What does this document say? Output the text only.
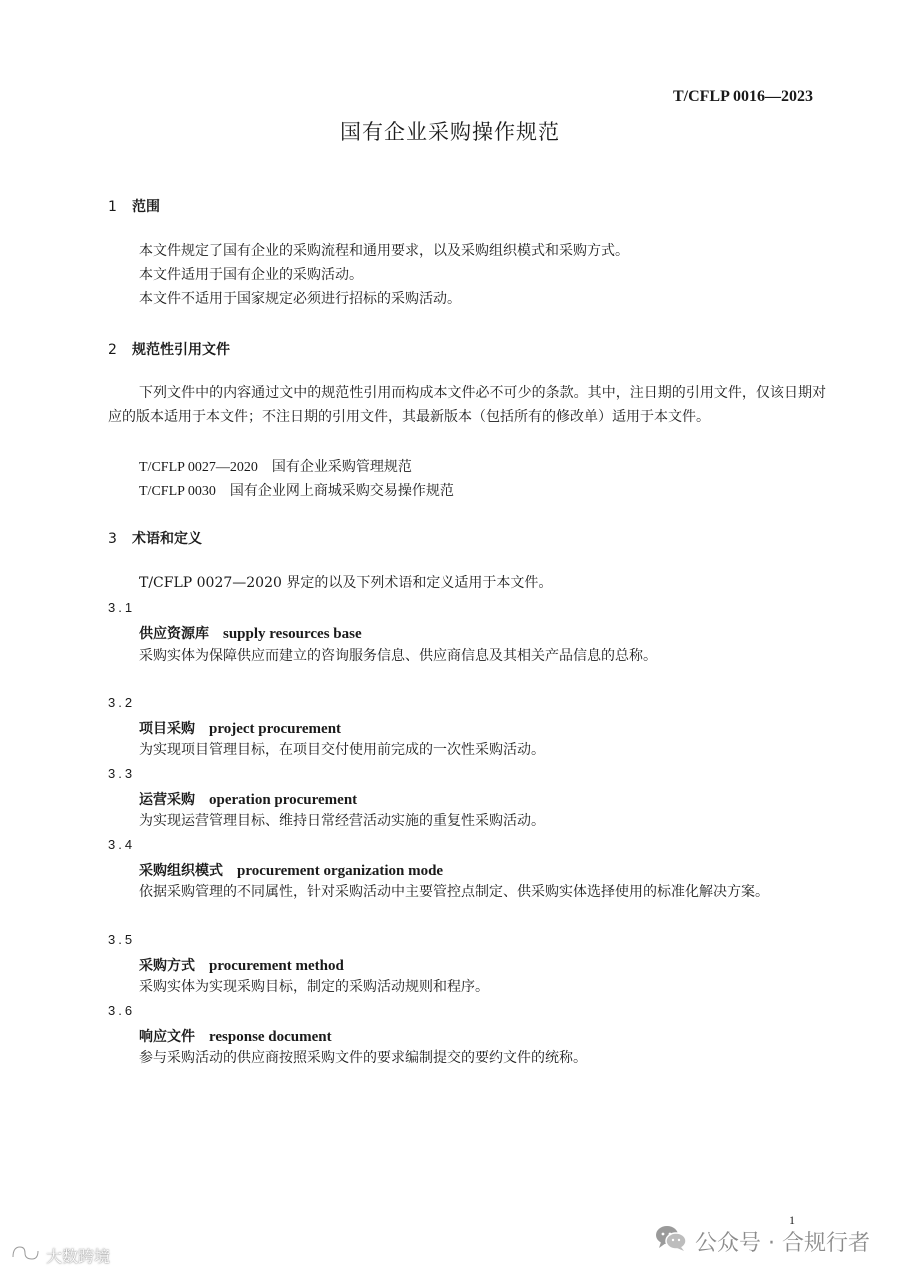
T/CFLP 0016—2023
国有企业采购操作规范
1 范围
本文件规定了国有企业的采购流程和通用要求，以及采购组织模式和采购方式。
本文件适用于国有企业的采购活动。
本文件不适用于国家规定必须进行招标的采购活动。
2 规范性引用文件
下列文件中的内容通过文中的规范性引用而构成本文件必不可少的条款。其中，注日期的引用文件，仅该日期对应的版本适用于本文件；不注日期的引用文件，其最新版本（包括所有的修改单）适用于本文件。
T/CFLP 0027—2020 国有企业采购管理规范
T/CFLP 0030 国有企业网上商城采购交易操作规范
3 术语和定义
T/CFLP 0027—2020 界定的以及下列术语和定义适用于本文件。
3.1
供应资源库 supply resources base
采购实体为保障供应而建立的咨询服务信息、供应商信息及其相关产品信息的总称。
3.2
项目采购 project procurement
为实现项目管理目标，在项目交付使用前完成的一次性采购活动。
3.3
运营采购 operation procurement
为实现运营管理目标、维持日常经营活动实施的重复性采购活动。
3.4
采购组织模式 procurement organization mode
依据采购管理的不同属性，针对采购活动中主要管控点制定、供采购实体选择使用的标准化解决方案。
3.5
采购方式 procurement method
采购实体为实现采购目标，制定的采购活动规则和程序。
3.6
响应文件 response document
参与采购活动的供应商按照采购文件的要求编制提交的要约文件的统称。
1
公众号 · 合规行者
大数跨境
